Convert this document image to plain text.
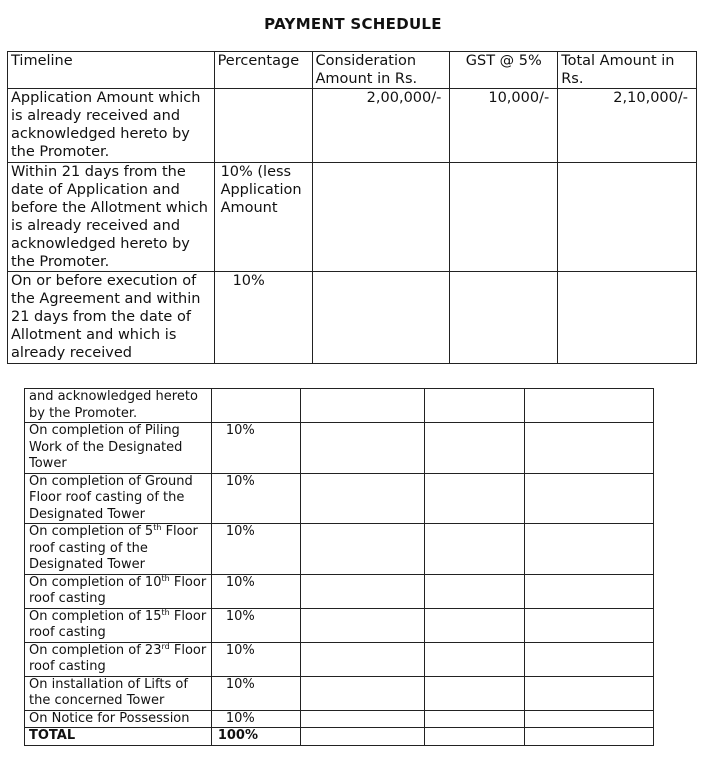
PAYMENT SCHEDULE
Timeline	Percentage	Consideration Amount in Rs.	GST @ 5%	Total Amount in Rs.
Application Amount which is already received and acknowledged hereto by the Promoter.		2,00,000/-	10,000/-	2,10,000/-
Within 21 days from the date of Application and before the Allotment which is already received and acknowledged hereto by the Promoter.	10% (less Application Amount			
On or before execution of the Agreement and within 21 days from the date of Allotment and which is already received	10%			
and acknowledged hereto by the Promoter.				
On completion of Piling Work of the Designated Tower	10%			
On completion of Ground Floor roof casting of the Designated Tower	10%			
On completion of 5th Floor roof casting of the Designated Tower	10%			
On completion of 10th Floor roof casting	10%			
On completion of 15th Floor roof casting	10%			
On completion of 23rd Floor roof casting	10%			
On installation of Lifts of the concerned Tower	10%			
On Notice for Possession	10%			
TOTAL	100%			
